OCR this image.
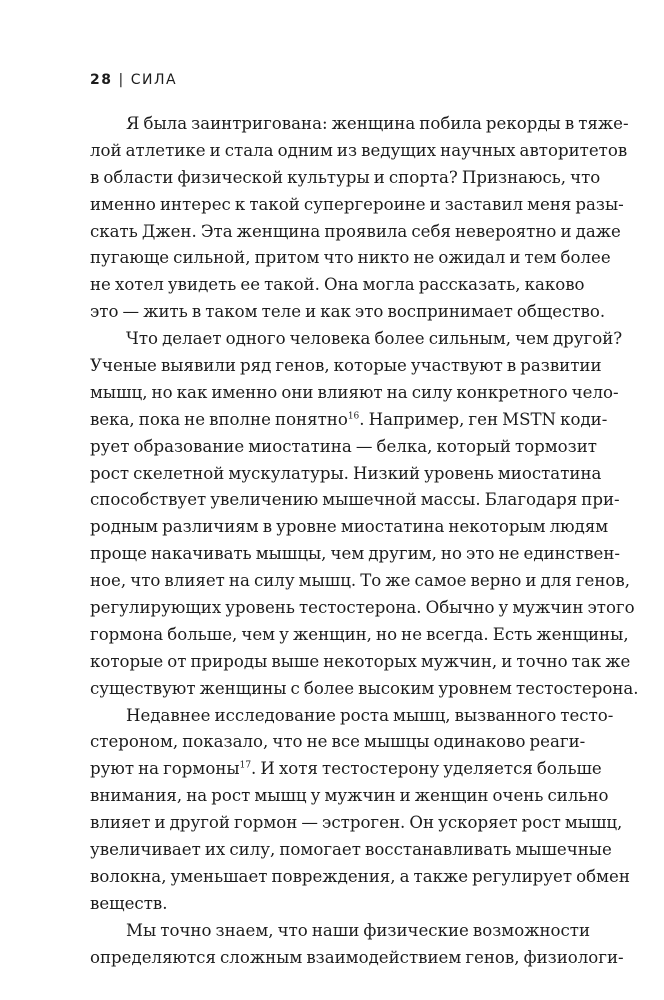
28 | СИЛА
Я была заинтригована: женщина побила рекорды в тяже-
лой атлетике и стала одним из ведущих научных авторитетов
в области физической культуры и спорта? Признаюсь, что
именно интерес к такой супергероине и заставил меня разы-
скать Джен. Эта женщина проявила себя невероятно и даже
пугающе сильной, притом что никто не ожидал и тем более
не хотел увидеть ее такой. Она могла рассказать, каково
это — жить в таком теле и как это воспринимает общество.
Что делает одного человека более сильным, чем другой?
Ученые выявили ряд генов, которые участвуют в развитии
мышц, но как именно они влияют на силу конкретного чело-
века, пока не вполне понятно$^{16}$. Например, ген MSTN коди-
рует образование миостатина — белка, который тормозит
рост скелетной мускулатуры. Низкий уровень миостатина
способствует увеличению мышечной массы. Благодаря при-
родным различиям в уровне миостатина некоторым людям
проще накачивать мышцы, чем другим, но это не единствен-
ное, что влияет на силу мышц. То же самое верно и для генов,
регулирующих уровень тестостерона. Обычно у мужчин этого
гормона больше, чем у женщин, но не всегда. Есть женщины,
которые от природы выше некоторых мужчин, и точно так же
существуют женщины с более высоким уровнем тестостерона.
Недавнее исследование роста мышц, вызванного тесто-
стероном, показало, что не все мышцы одинаково реаги-
руют на гормоны$^{17}$. И хотя тестостерону уделяется больше
внимания, на рост мышц у мужчин и женщин очень сильно
влияет и другой гормон — эстроген. Он ускоряет рост мышц,
увеличивает их силу, помогает восстанавливать мышечные
волокна, уменьшает повреждения, а также регулирует обмен
веществ.
Мы точно знаем, что наши физические возможности
определяются сложным взаимодействием генов, физиологи-
